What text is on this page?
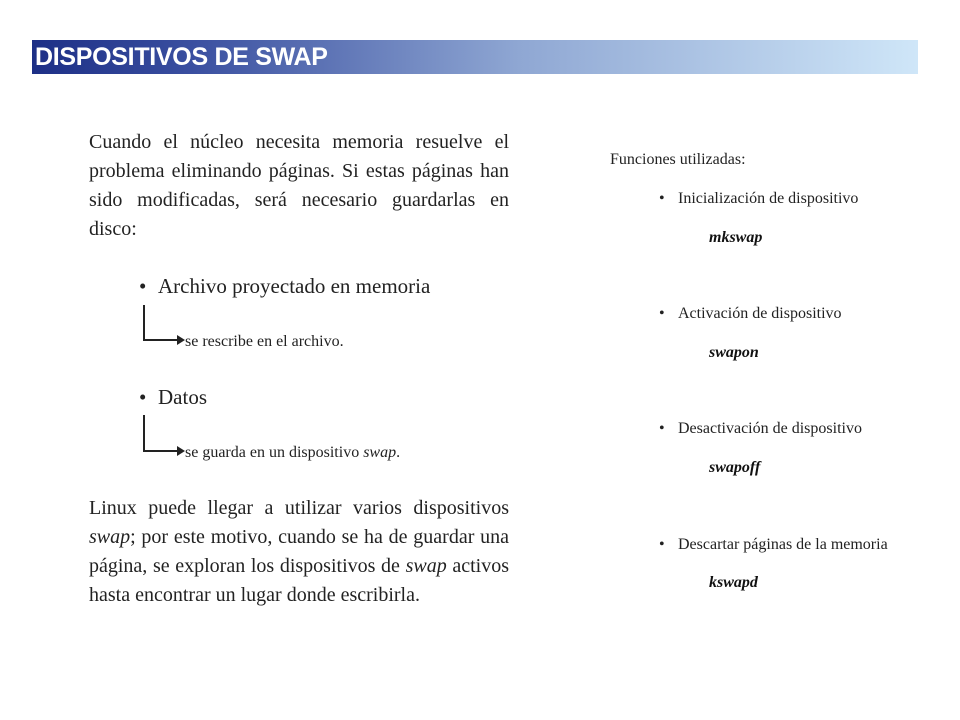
DISPOSITIVOS DE SWAP

Cuando el núcleo necesita memoria resuelve el problema eliminando páginas. Si estas páginas han sido modificadas, será necesario guardarlas en disco:

• Archivo proyectado en memoria
se rescribe en el archivo.
• Datos
se guarda en un dispositivo swap.

Linux puede llegar a utilizar varios dispositivos swap; por este motivo, cuando se ha de guardar una página, se exploran los dispositivos de swap activos hasta encontrar un lugar donde escribirla.

Funciones utilizadas:
• Inicialización de dispositivo
mkswap
• Activación de dispositivo
swapon
• Desactivación de dispositivo
swapoff
• Descartar páginas de la memoria
kswapd
